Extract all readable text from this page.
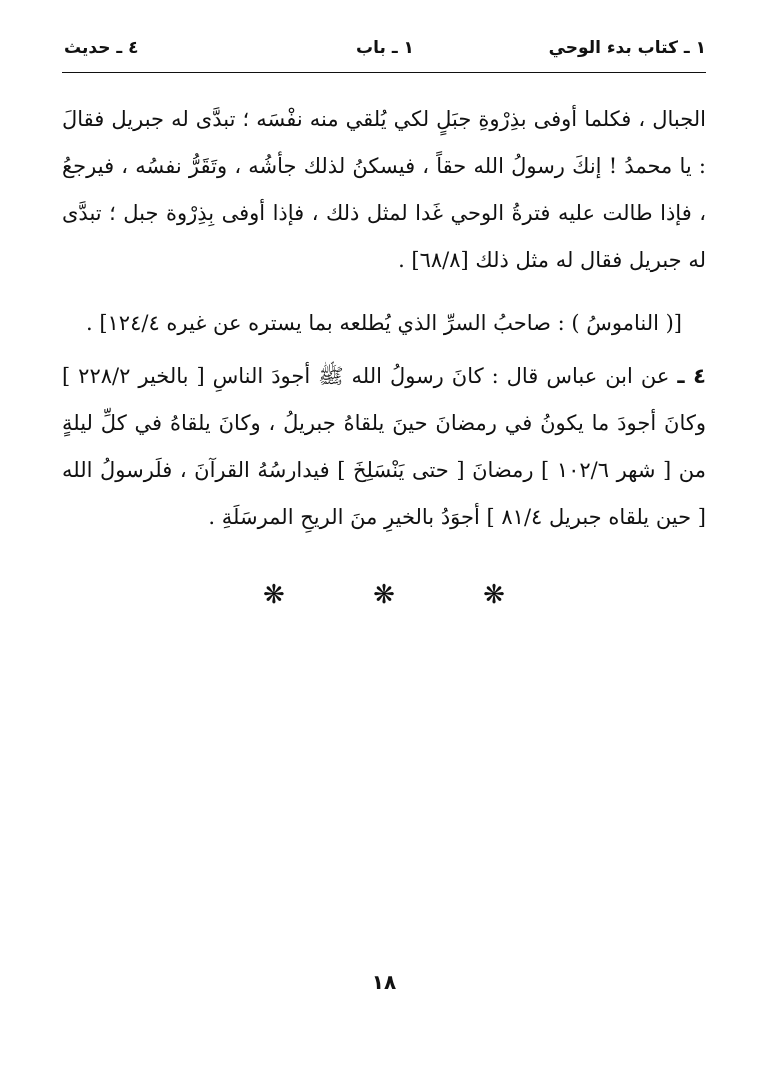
١ ـ كتاب بدء الوحي
١ ـ باب
٤ ـ حديث

الجبال ، فكلما أوفى بذِرْوةِ جبَلٍ لكي يُلقي منه نفْسَه ؛ تبدَّى له جبريل فقالَ : يا محمدُ ! إنكَ رسولُ الله حقاً ، فيسكنُ لذلك جأشُه ، وتَقَرُّ نفسُه ، فيرجعُ ، فإذا طالت عليه فترةُ الوحي غَدا لمثل ذلك ، فإذا أوفى بِذِرْوة جبل ؛ تبدَّى له جبريل فقال له مثل ذلك [٦٨/٨] .

[( الناموسُ ) : صاحبُ السرِّ الذي يُطلعه بما يستره عن غيره ١٢٤/٤] .

٤ ـ عن ابن عباس قال : كانَ رسولُ الله ﷺ أجودَ الناسِ [ بالخير ٢٢٨/٢ ] وكانَ أجودَ ما يكونُ في رمضانَ حينَ يلقاهُ جبريلُ ، وكانَ يلقاهُ في كلِّ ليلةٍ من [ شهر ١٠٢/٦ ] رمضانَ [ حتى يَنْسَلِخَ ] فيدارسُهُ القرآنَ ، فلَرسولُ الله [ حين يلقاه جبريل ٨١/٤ ] أجوَدُ بالخيرِ منَ الريحِ المرسَلَةِ .

❋ ❋ ❋
١٨
